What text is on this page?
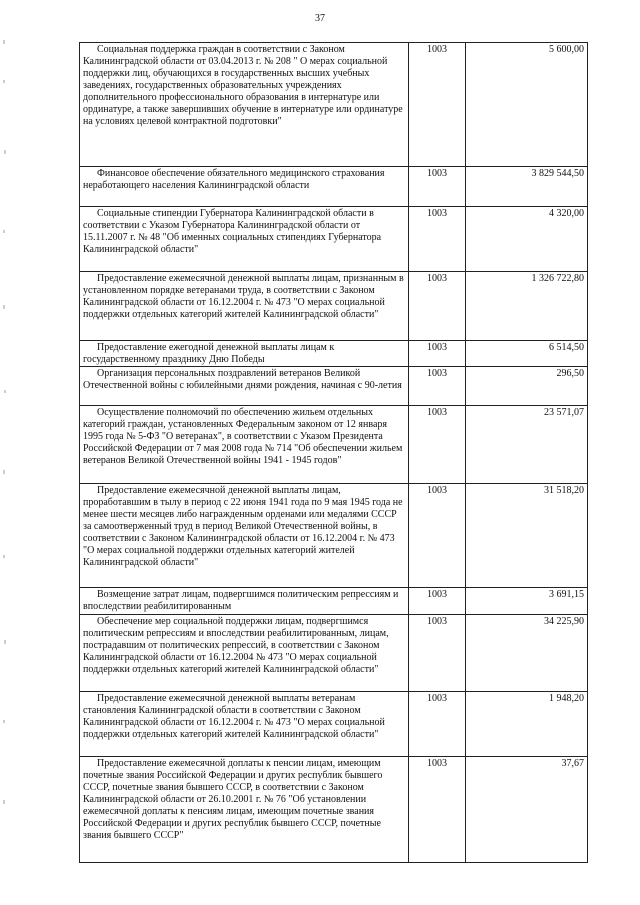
37
Социальная поддержка граждан в соответствии с Законом Калининградской области от 03.04.2013 г. № 208 " О мерах социальной поддержки лиц, обучающихся в государственных высших учебных заведениях, государственных образовательных учреждениях дополнительного профессионального образования в интернатуре или ординатуре, а также завершивших обучение в интернатуре или ординатуре на условиях целевой контрактной подготовки"	1003	5 600,00
Финансовое обеспечение обязательного медицинского страхования неработающего населения Калининградской области	1003	3 829 544,50
Социальные стипендии Губернатора Калининградской области в соответствии с Указом Губернатора Калининградской области от 15.11.2007 г. № 48 "Об именных социальных стипендиях Губернатора Калининградской области"	1003	4 320,00
Предоставление ежемесячной денежной выплаты лицам, признанным в установленном порядке ветеранами труда, в соответствии с Законом Калининградской области от 16.12.2004 г. № 473 "О мерах социальной поддержки отдельных категорий жителей Калининградской области"	1003	1 326 722,80
Предоставление ежегодной денежной выплаты лицам к государственному празднику Дню Победы	1003	6 514,50
Организация персональных поздравлений ветеранов Великой Отечественной войны с юбилейными днями рождения, начиная с 90-летия	1003	296,50
Осуществление полномочий по обеспечению жильем отдельных категорий граждан, установленных Федеральным законом от 12 января 1995 года № 5-ФЗ "О ветеранах", в соответствии с Указом Президента Российской Федерации от 7 мая 2008 года № 714 "Об обеспечении жильем ветеранов Великой Отечественной войны 1941 - 1945 годов"	1003	23 571,07
Предоставление ежемесячной денежной выплаты лицам, проработавшим в тылу в период с 22 июня 1941 года по 9 мая 1945 года не менее шести месяцев либо награжденным орденами или медалями СССР за самоотверженный труд в период Великой Отечественной войны, в соответствии с Законом Калининградской области от 16.12.2004 г. № 473 "О мерах социальной поддержки отдельных категорий жителей Калининградской области"	1003	31 518,20
Возмещение затрат лицам, подвергшимся политическим репрессиям и впоследствии реабилитированным	1003	3 691,15
Обеспечение мер социальной поддержки лицам, подвергшимся политическим репрессиям и впоследствии реабилитированным, лицам, пострадавшим от политических репрессий, в соответствии с Законом Калининградской области от 16.12.2004 № 473 "О мерах социальной поддержки отдельных категорий жителей Калининградской области"	1003	34 225,90
Предоставление ежемесячной денежной выплаты ветеранам становления Калининградской области в соответствии с Законом Калининградской области от 16.12.2004 г. № 473 "О мерах социальной поддержки отдельных категорий жителей Калининградской области"	1003	1 948,20
Предоставление ежемесячной доплаты к пенсии лицам, имеющим почетные звания Российской Федерации и других республик бывшего СССР, почетные звания бывшего СССР, в соответствии с Законом Калининградской области от 26.10.2001 г. № 76 "Об установлении ежемесячной доплаты к пенсиям лицам, имеющим почетные звания Российской Федерации и других республик бывшего СССР, почетные звания бывшего СССР"	1003	37,67
